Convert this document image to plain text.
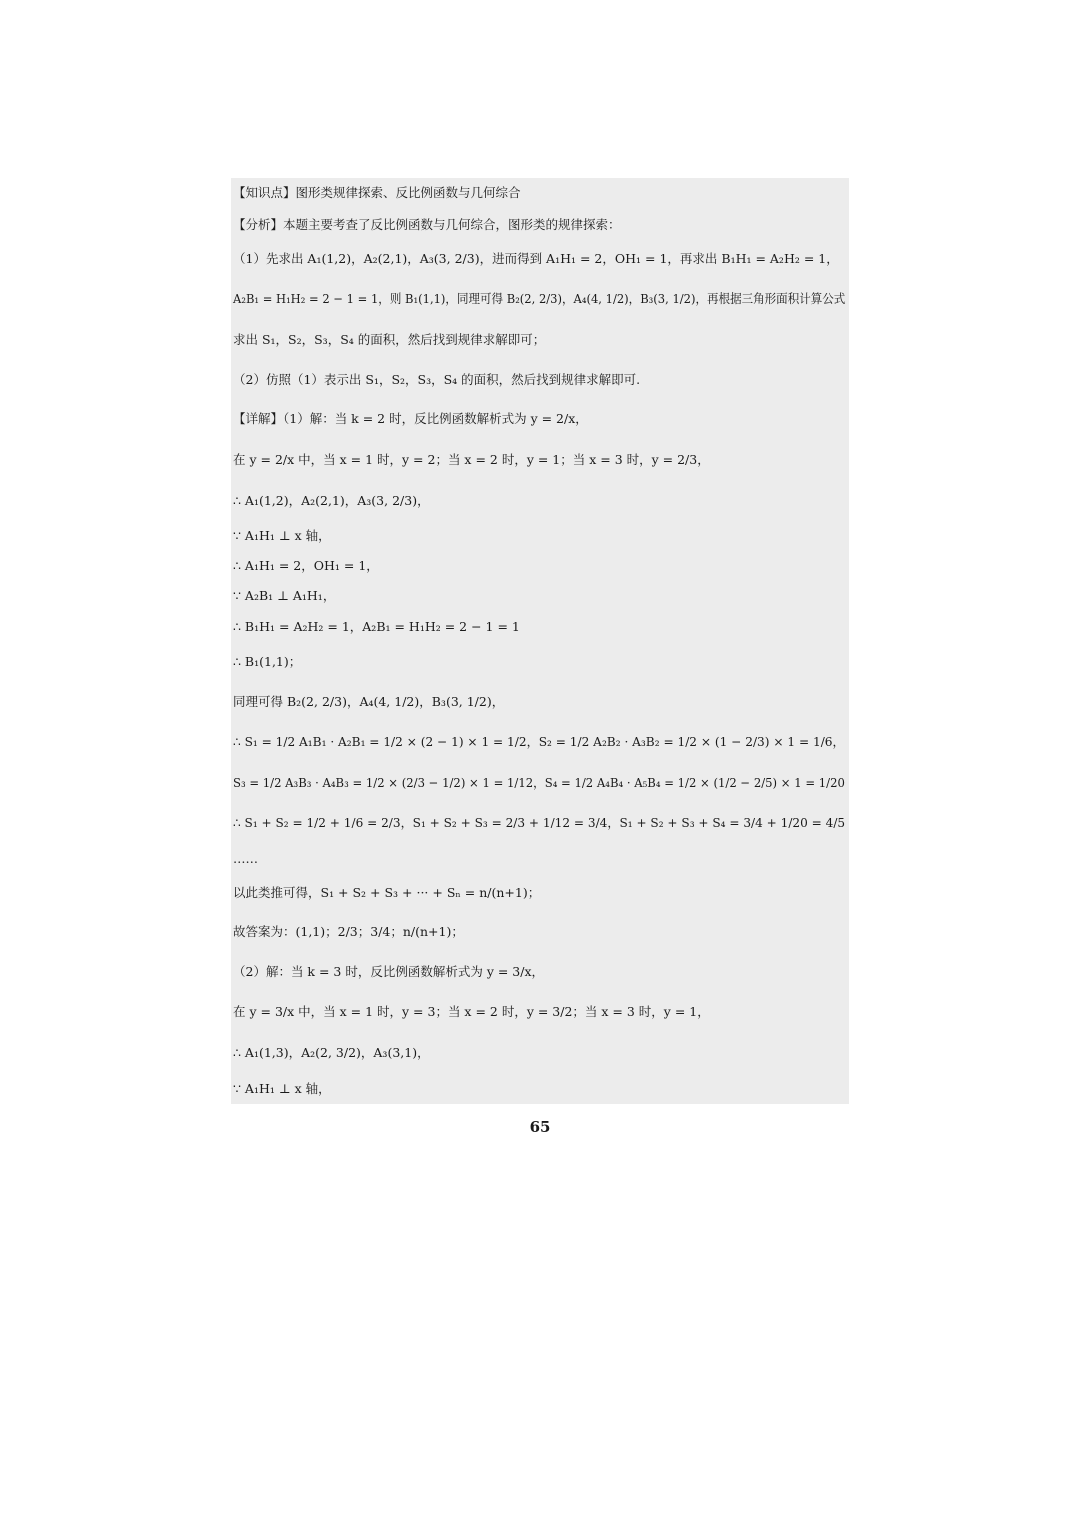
【知识点】图形类规律探索、反比例函数与几何综合
【分析】本题主要考查了反比例函数与几何综合，图形类的规律探索：
（1）先求出 A₁(1,2)，A₂(2,1)，A₃(3, 2/3)，进而得到 A₁H₁ = 2，OH₁ = 1，再求出 B₁H₁ = A₂H₂ = 1，
A₂B₁ = H₁H₂ = 2 − 1 = 1，则 B₁(1,1)，同理可得 B₂(2, 2/3)，A₄(4, 1/2)，B₃(3, 1/2)，再根据三角形面积计算公式
求出 S₁，S₂，S₃，S₄ 的面积，然后找到规律求解即可；
（2）仿照（1）表示出 S₁，S₂，S₃，S₄ 的面积，然后找到规律求解即可.
【详解】（1）解：当 k = 2 时，反比例函数解析式为 y = 2/x，
在 y = 2/x 中，当 x = 1 时，y = 2；当 x = 2 时，y = 1；当 x = 3 时，y = 2/3，
∴ A₁(1,2)，A₂(2,1)，A₃(3, 2/3)，
∵ A₁H₁ ⊥ x 轴，
∴ A₁H₁ = 2，OH₁ = 1，
∵ A₂B₁ ⊥ A₁H₁，
∴ B₁H₁ = A₂H₂ = 1，A₂B₁ = H₁H₂ = 2 − 1 = 1
∴ B₁(1,1)；
同理可得 B₂(2, 2/3)，A₄(4, 1/2)，B₃(3, 1/2)，
∴ S₁ = 1/2 A₁B₁ · A₂B₁ = 1/2 × (2 − 1) × 1 = 1/2，S₂ = 1/2 A₂B₂ · A₃B₂ = 1/2 × (1 − 2/3) × 1 = 1/6，
S₃ = 1/2 A₃B₃ · A₄B₃ = 1/2 × (2/3 − 1/2) × 1 = 1/12，S₄ = 1/2 A₄B₄ · A₅B₄ = 1/2 × (1/2 − 2/5) × 1 = 1/20
∴ S₁ + S₂ = 1/2 + 1/6 = 2/3，S₁ + S₂ + S₃ = 2/3 + 1/12 = 3/4，S₁ + S₂ + S₃ + S₄ = 3/4 + 1/20 = 4/5
……
以此类推可得，S₁ + S₂ + S₃ + ··· + Sₙ = n/(n+1)；
故答案为：(1,1)；2/3；3/4；n/(n+1)；
（2）解：当 k = 3 时，反比例函数解析式为 y = 3/x，
在 y = 3/x 中，当 x = 1 时，y = 3；当 x = 2 时，y = 3/2；当 x = 3 时，y = 1，
∴ A₁(1,3)，A₂(2, 3/2)，A₃(3,1)，
∵ A₁H₁ ⊥ x 轴，
65
